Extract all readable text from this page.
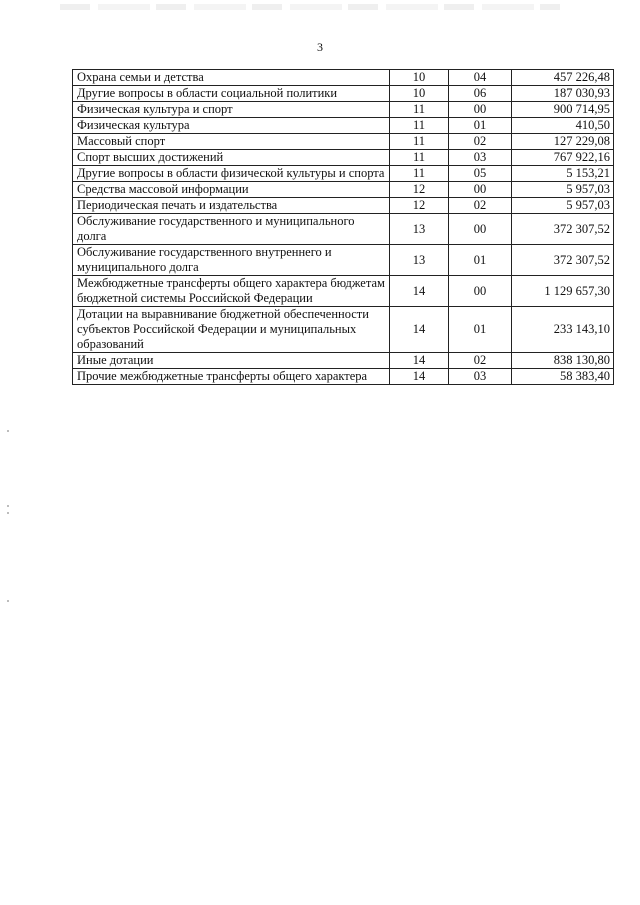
3
Охрана семьи и детства	10	04	457 226,48
Другие вопросы в области социальной политики	10	06	187 030,93
Физическая культура и спорт	11	00	900 714,95
Физическая культура	11	01	410,50
Массовый спорт	11	02	127 229,08
Спорт высших достижений	11	03	767 922,16
Другие вопросы в области физической культуры и спорта	11	05	5 153,21
Средства массовой информации	12	00	5 957,03
Периодическая печать и издательства	12	02	5 957,03
Обслуживание государственного и муниципального долга	13	00	372 307,52
Обслуживание государственного внутреннего и муниципального долга	13	01	372 307,52
Межбюджетные трансферты общего характера бюджетам бюджетной системы Российской Федерации	14	00	1 129 657,30
Дотации на выравнивание бюджетной обеспеченности субъектов Российской Федерации и муниципальных образований	14	01	233 143,10
Иные дотации	14	02	838 130,80
Прочие межбюджетные трансферты общего характера	14	03	58 383,40
